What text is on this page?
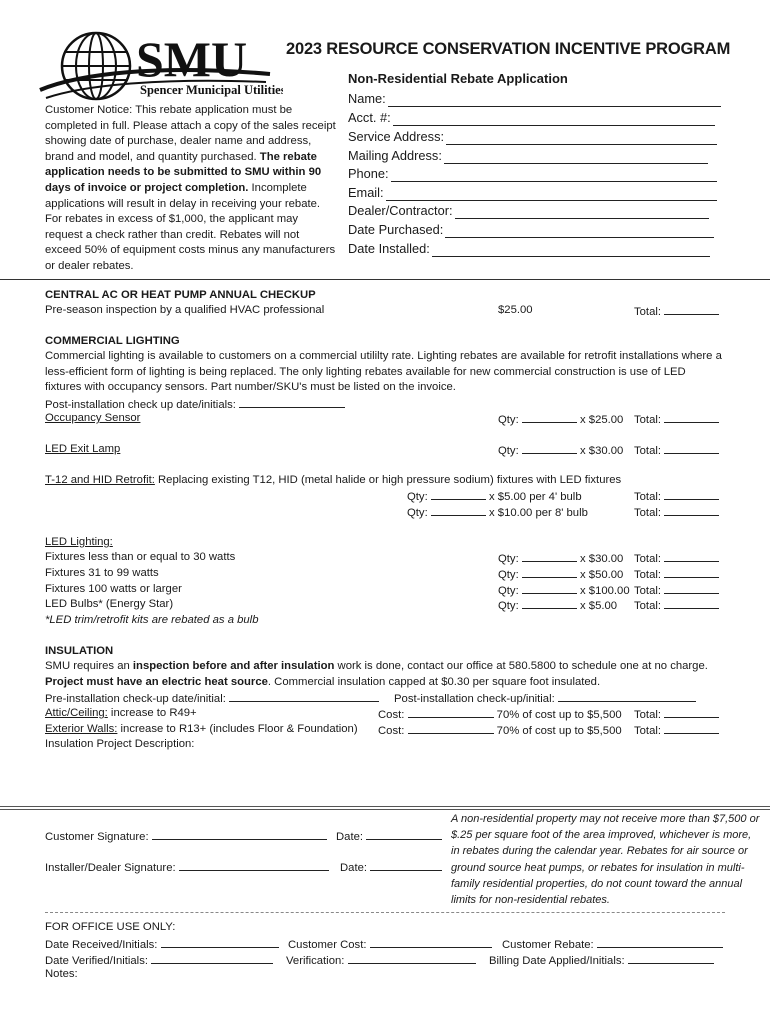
SMU
Spencer Municipal Utilities
2023 RESOURCE CONSERVATION INCENTIVE PROGRAM
Non-Residential Rebate Application
Name:
Acct. #:
Service Address:
Mailing Address:
Phone:
Email:
Dealer/Contractor:
Date Purchased:
Date Installed:
Customer Notice: This rebate application must be completed in full. Please attach a copy of the sales receipt showing date of purchase, dealer name and address, brand and model, and quantity purchased. The rebate application needs to be submitted to SMU within 90 days of invoice or project completion. Incomplete applications will result in delay in receiving your rebate. For rebates in excess of $1,000, the applicant may request a check rather than credit. Rebates will not exceed 50% of equipment costs minus any manufacturers or dealer rebates.
CENTRAL AC OR HEAT PUMP ANNUAL CHECKUP
Pre-season inspection by a qualified HVAC professional	$25.00	Total:
COMMERCIAL LIGHTING
Commercial lighting is available to customers on a commercial utililty rate. Lighting rebates are available for retrofit installations where a less-efficient form of lighting is being replaced. The only lighting rebates available for new commercial construction is use of LED fixtures with occupancy sensors. Part number/SKU's must be listed on the invoice.
Post-installation check up date/initials:
Occupancy Sensor	Qty:	x $25.00 Total:
LED Exit Lamp	Qty:	x $30.00 Total:
T-12 and HID Retrofit: Replacing existing T12, HID (metal halide or high pressure sodium) fixtures with LED fixtures
Qty:	x $5.00 per 4' bulb	Total:
Qty:	x $10.00 per 8' bulb	Total:
LED Lighting:
Fixtures less than or equal to 30 watts	Qty:	x $30.00 Total:
Fixtures 31 to 99 watts	Qty:	x $50.00 Total:
Fixtures 100 watts or larger	Qty:	x $100.00 Total:
LED Bulbs* (Energy Star)	Qty:	x $5.00 Total:
*LED trim/retrofit kits are rebated as a bulb
INSULATION
SMU requires an inspection before and after insulation work is done, contact our office at 580.5800 to schedule one at no charge. Project must have an electric heat source. Commercial insulation capped at $0.30 per square foot insulated.
Pre-installation check-up date/initial:	Post-installation check-up/initial:
Attic/Ceiling: increase to R49+	Cost:	70% of cost up to $5,500 Total:
Exterior Walls: increase to R13+ (includes Floor & Foundation) Cost:	70% of cost up to $5,500 Total:
Insulation Project Description:
Customer Signature:	Date:
Installer/Dealer Signature:	Date:
A non-residential property may not receive more than $7,500 or $.25 per square foot of the area improved, whichever is more, in rebates during the calendar year. Rebates for air source or ground source heat pumps, or rebates for insulation in multi-family residential properties, do not count toward the annual limits for non-residential rebates.
FOR OFFICE USE ONLY:
Date Received/Initials:	Customer Cost:	Customer Rebate:
Date Verified/Initials:	Verification:	Billing Date Applied/Initials:
Notes:
